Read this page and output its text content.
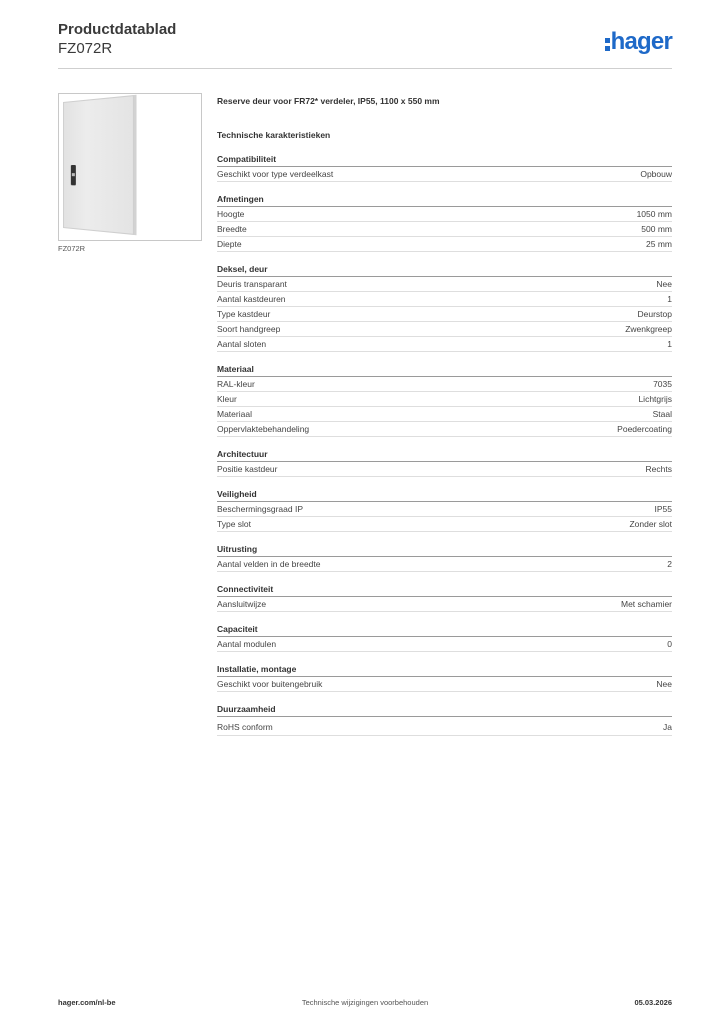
Productdatablad
FZ072R	hager
FZ072R
Reserve deur voor FR72* verdeler, IP55, 1100 x 550 mm
Technische karakteristieken
Compatibiliteit
Geschikt voor type verdeelkast	Opbouw
Afmetingen
Hoogte	1050 mm
Breedte	500 mm
Diepte	25 mm
Deksel, deur
Deuris transparant	Nee
Aantal kastdeuren	1
Type kastdeur	Deurstop
Soort handgreep	Zwenkgreep
Aantal sloten	1
Materiaal
RAL-kleur	7035
Kleur	Lichtgrijs
Materiaal	Staal
Oppervlaktebehandeling	Poedercoating
Architectuur
Positie kastdeur	Rechts
Veiligheid
Beschermingsgraad IP	IP55
Type slot	Zonder slot
Uitrusting
Aantal velden in de breedte	2
Connectiviteit
Aansluitwijze	Met schamier
Capaciteit
Aantal modulen	0
Installatie, montage
Geschikt voor buitengebruik	Nee
Duurzaamheid
RoHS conform	Ja
hager.com/nl-be	Technische wijzigingen voorbehouden	05.03.2026
